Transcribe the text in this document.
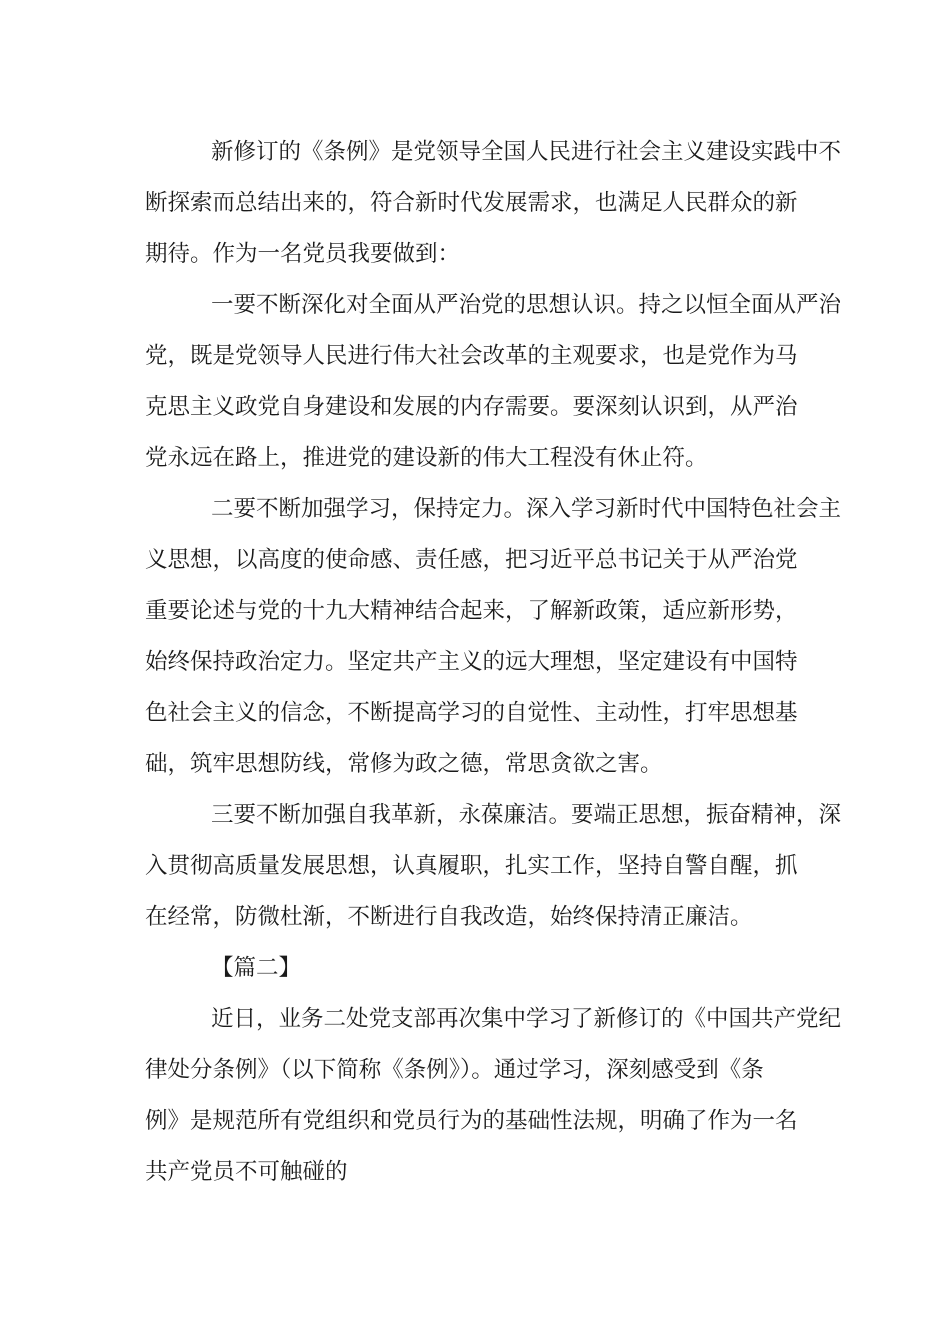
新修订的《条例》是党领导全国人民进行社会主义建设实践中不
断探索而总结出来的，符合新时代发展需求，也满足人民群众的新
期待。作为一名党员我要做到：
一要不断深化对全面从严治党的思想认识。持之以恒全面从严治
党，既是党领导人民进行伟大社会改革的主观要求，也是党作为马
克思主义政党自身建设和发展的内存需要。要深刻认识到，从严治
党永远在路上，推进党的建设新的伟大工程没有休止符。
二要不断加强学习，保持定力。深入学习新时代中国特色社会主
义思想，以高度的使命感、责任感，把习近平总书记关于从严治党
重要论述与党的十九大精神结合起来，了解新政策，适应新形势，
始终保持政治定力。坚定共产主义的远大理想，坚定建设有中国特
色社会主义的信念，不断提高学习的自觉性、主动性，打牢思想基
础，筑牢思想防线，常修为政之德，常思贪欲之害。
三要不断加强自我革新，永葆廉洁。要端正思想，振奋精神，深
入贯彻高质量发展思想，认真履职，扎实工作，坚持自警自醒，抓
在经常，防微杜渐，不断进行自我改造，始终保持清正廉洁。
【篇二】
近日，业务二处党支部再次集中学习了新修订的《中国共产党纪
律处分条例》（以下简称《条例》）。通过学习，深刻感受到《条
例》是规范所有党组织和党员行为的基础性法规，明确了作为一名
共产党员不可触碰的
